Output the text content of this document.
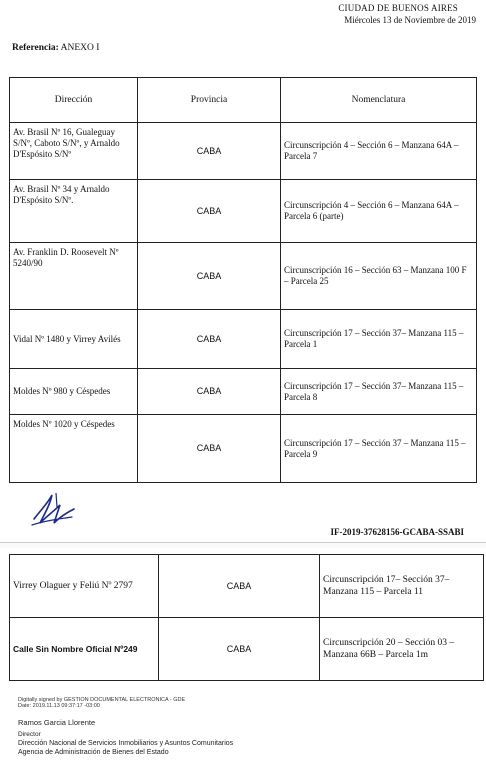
CIUDAD DE BUENOS AIRES
Miércoles 13 de Noviembre de 2019
Referencia: ANEXO I
Dirección	Provincia	Nomenclatura
Av. Brasil Nº 16, Gualeguay S/Nº, Caboto S/Nº, y Arnaldo D'Espósito S/Nº	CABA	Circunscripción 4 – Sección 6 – Manzana 64A – Parcela 7
Av. Brasil Nº 34 y Arnaldo D'Espósito S/Nº.	CABA	Circunscripción 4 – Sección 6 – Manzana 64A – Parcela 6 (parte)
Av. Franklin D. Roosevelt Nº 5240/90	CABA	Circunscripción 16 – Sección 63 – Manzana 100 F – Parcela 25
Vidal Nº 1480 y Virrey Avilés	CABA	Circunscripción 17 – Sección 37– Manzana 115 – Parcela 1
Moldes Nº 980 y Céspedes	CABA	Circunscripción 17 – Sección 37– Manzana 115 – Parcela 8
Moldes Nº 1020 y Céspedes	CABA	Circunscripción 17 – Sección 37 – Manzana 115 – Parcela 9
IF-2019-37628156-GCABA-SSABI
Virrey Olaguer y Feliú Nº 2797	CABA	Circunscripción 17– Sección 37– Manzana 115 – Parcela 11
Calle Sin Nombre Oficial Nº249	CABA	Circunscripción 20 – Sección 03 – Manzana 66B – Parcela 1m
Digitally signed by GESTION DOCUMENTAL ELECTRONICA - GDE
Date: 2019.11.13 09:37:17 -03:00
Ramos Garcia Llorente
Director
Dirección Nacional de Servicios Inmobiliarios y Asuntos Comunitarios
Agencia de Administración de Bienes del Estado
